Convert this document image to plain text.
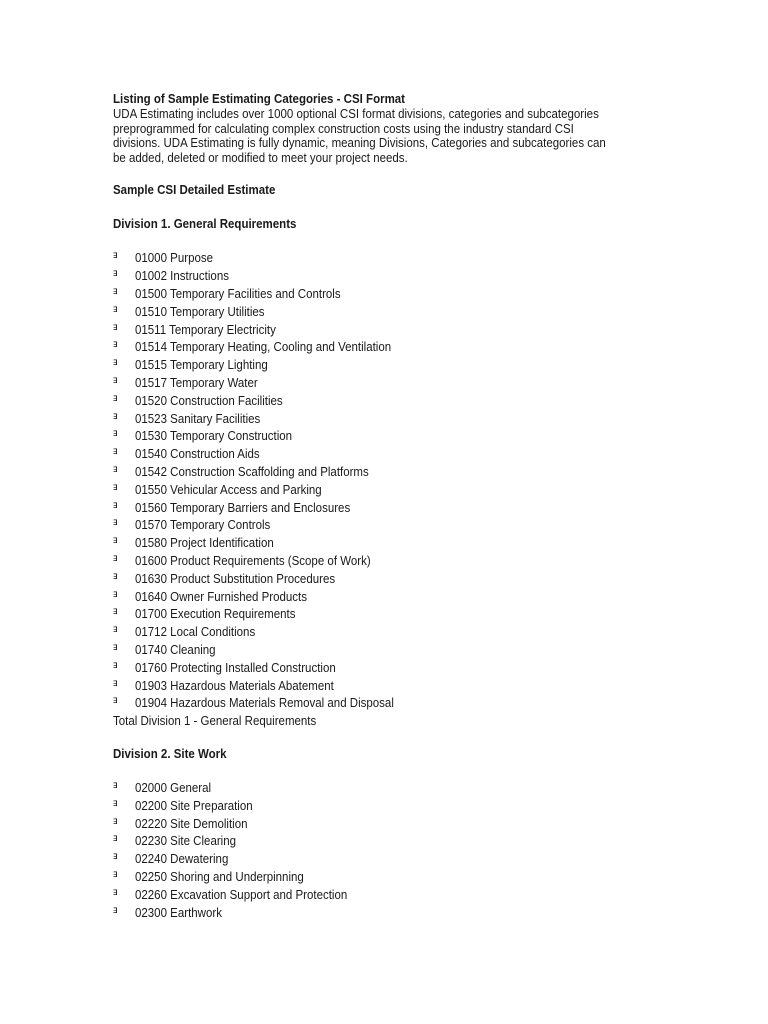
Listing of Sample Estimating Categories - CSI Format
UDA Estimating includes over 1000 optional CSI format divisions, categories and subcategories
preprogrammed for calculating complex construction costs using the industry standard CSI
divisions. UDA Estimating is fully dynamic, meaning Divisions, Categories and subcategories can
be added, deleted or modified to meet your project needs.
Sample CSI Detailed Estimate
Division 1. General Requirements
ⱻ 01000 Purpose
ⱻ 01002 Instructions
ⱻ 01500 Temporary Facilities and Controls
ⱻ 01510 Temporary Utilities
ⱻ 01511 Temporary Electricity
ⱻ 01514 Temporary Heating, Cooling and Ventilation
ⱻ 01515 Temporary Lighting
ⱻ 01517 Temporary Water
ⱻ 01520 Construction Facilities
ⱻ 01523 Sanitary Facilities
ⱻ 01530 Temporary Construction
ⱻ 01540 Construction Aids
ⱻ 01542 Construction Scaffolding and Platforms
ⱻ 01550 Vehicular Access and Parking
ⱻ 01560 Temporary Barriers and Enclosures
ⱻ 01570 Temporary Controls
ⱻ 01580 Project Identification
ⱻ 01600 Product Requirements (Scope of Work)
ⱻ 01630 Product Substitution Procedures
ⱻ 01640 Owner Furnished Products
ⱻ 01700 Execution Requirements
ⱻ 01712 Local Conditions
ⱻ 01740 Cleaning
ⱻ 01760 Protecting Installed Construction
ⱻ 01903 Hazardous Materials Abatement
ⱻ 01904 Hazardous Materials Removal and Disposal
Total Division 1 - General Requirements
Division 2. Site Work
ⱻ 02000 General
ⱻ 02200 Site Preparation
ⱻ 02220 Site Demolition
ⱻ 02230 Site Clearing
ⱻ 02240 Dewatering
ⱻ 02250 Shoring and Underpinning
ⱻ 02260 Excavation Support and Protection
ⱻ 02300 Earthwork
